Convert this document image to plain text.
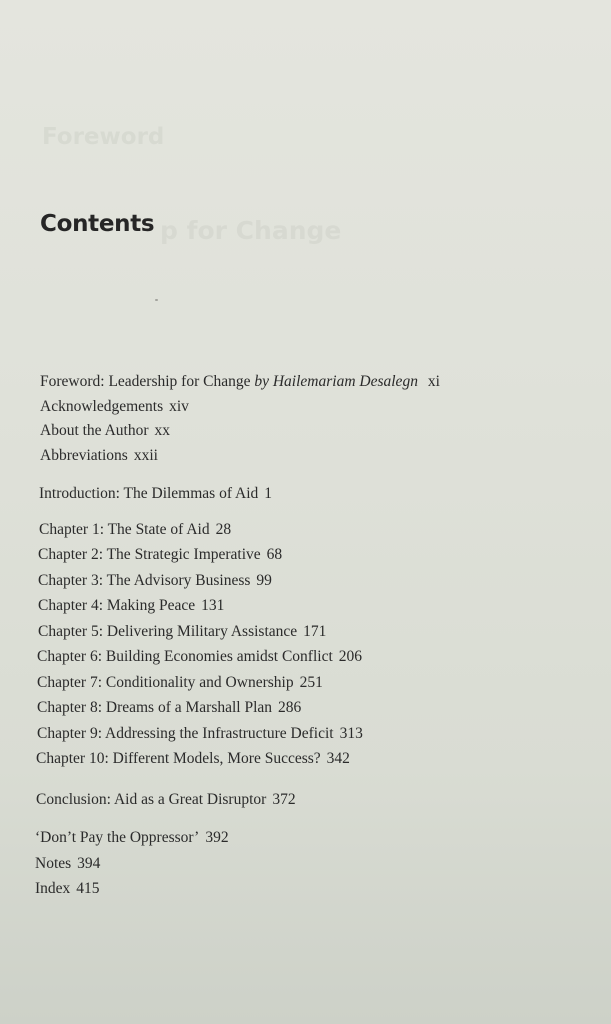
Foreword
p for Change
Contents
Foreword: Leadership for Change by Hailemariam Desalegn xi
Acknowledgements xiv
About the Author xx
Abbreviations xxii
Introduction: The Dilemmas of Aid 1
Chapter 1: The State of Aid 28
Chapter 2: The Strategic Imperative 68
Chapter 3: The Advisory Business 99
Chapter 4: Making Peace 131
Chapter 5: Delivering Military Assistance 171
Chapter 6: Building Economies amidst Conflict 206
Chapter 7: Conditionality and Ownership 251
Chapter 8: Dreams of a Marshall Plan 286
Chapter 9: Addressing the Infrastructure Deficit 313
Chapter 10: Different Models, More Success? 342
Conclusion: Aid as a Great Disruptor 372
‘Don’t Pay the Oppressor’ 392
Notes 394
Index 415
